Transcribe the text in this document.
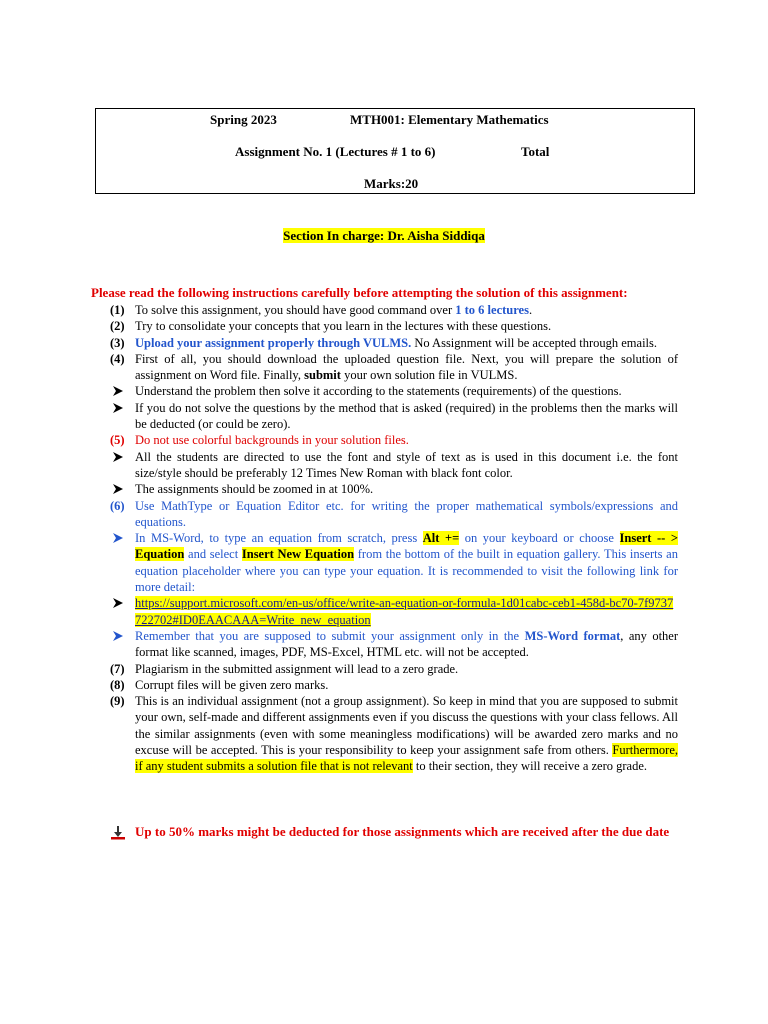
Spring 2023	MTH001: Elementary Mathematics
Assignment No. 1 (Lectures # 1 to 6)	Total
Marks:20
Section In charge: Dr. Aisha Siddiqa
Please read the following instructions carefully before attempting the solution of this assignment:
(1) To solve this assignment, you should have good command over 1 to 6 lectures.
(2) Try to consolidate your concepts that you learn in the lectures with these questions.
(3) Upload your assignment properly through VULMS. No Assignment will be accepted through emails.
(4) First of all, you should download the uploaded question file. Next, you will prepare the solution of assignment on Word file. Finally, submit your own solution file in VULMS.
Understand the problem then solve it according to the statements (requirements) of the questions.
If you do not solve the questions by the method that is asked (required) in the problems then the marks will be deducted (or could be zero).
(5) Do not use colorful backgrounds in your solution files.
All the students are directed to use the font and style of text as is used in this document i.e. the font size/style should be preferably 12 Times New Roman with black font color.
The assignments should be zoomed in at 100%.
(6) Use MathType or Equation Editor etc. for writing the proper mathematical symbols/expressions and equations.
In MS-Word, to type an equation from scratch, press Alt += on your keyboard or choose Insert -- > Equation and select Insert New Equation from the bottom of the built in equation gallery. This inserts an equation placeholder where you can type your equation. It is recommended to visit the following link for more detail:
https://support.microsoft.com/en-us/office/write-an-equation-or-formula-1d01cabc-ceb1-458d-bc70-7f9737722702#ID0EAACAAA=Write_new_equation
Remember that you are supposed to submit your assignment only in the MS-Word format, any other format like scanned, images, PDF, MS-Excel, HTML etc. will not be accepted.
(7) Plagiarism in the submitted assignment will lead to a zero grade.
(8) Corrupt files will be given zero marks.
(9) This is an individual assignment (not a group assignment). So keep in mind that you are supposed to submit your own, self-made and different assignments even if you discuss the questions with your class fellows. All the similar assignments (even with some meaningless modifications) will be awarded zero marks and no excuse will be accepted. This is your responsibility to keep your assignment safe from others. Furthermore, if any student submits a solution file that is not relevant to their section, they will receive a zero grade.
Up to 50% marks might be deducted for those assignments which are received after the due date
